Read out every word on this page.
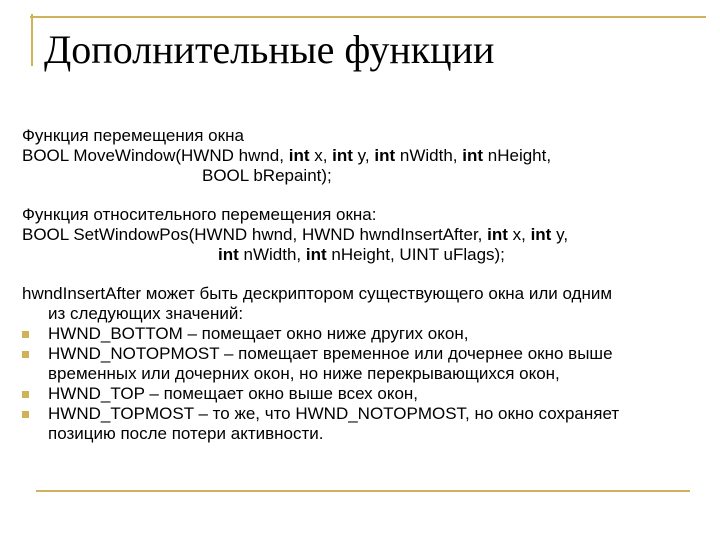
Дополнительные функции
Функция перемещения окна
BOOL MoveWindow(HWND hwnd, int x, int y, int nWidth, int nHeight,
BOOL bRepaint);
Функция относительного перемещения окна:
BOOL SetWindowPos(HWND hwnd, HWND hwndInsertAfter, int x, int y,
int nWidth, int nHeight, UINT uFlags);
hwndInsertAfter может быть дескриптором существующего окна или одним
из следующих значений:
HWND_BOTTOM – помещает окно ниже других окон,
HWND_NOTOPMOST – помещает временное или дочернее окно выше
временных или дочерних окон, но ниже перекрывающихся окон,
HWND_TOP – помещает окно выше всех окон,
HWND_TOPMOST – то же, что HWND_NOTOPMOST, но окно сохраняет
позицию после потери активности.
